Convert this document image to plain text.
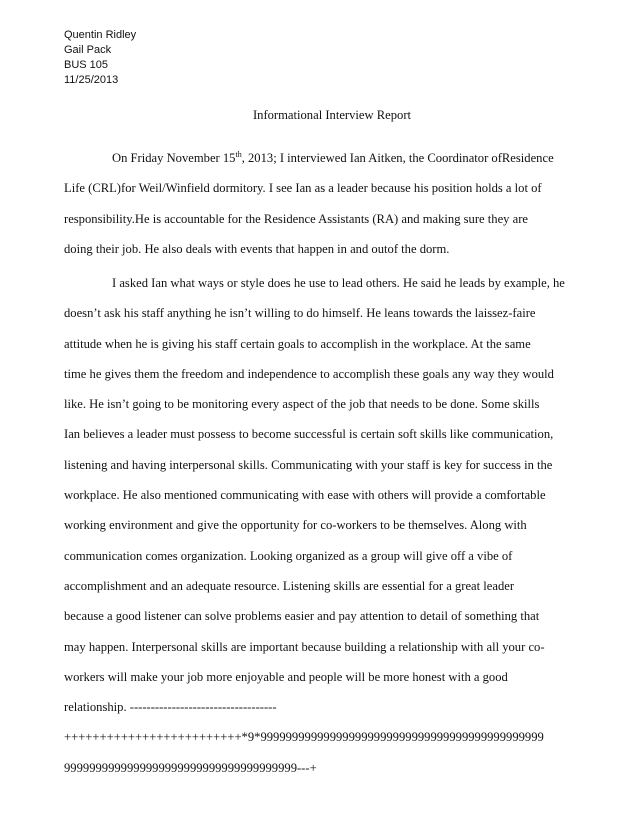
Quentin Ridley
Gail Pack
BUS 105
11/25/2013
Informational Interview Report

On Friday November 15th, 2013; I interviewed Ian Aitken, the Coordinator ofResidence
Life (CRL)for Weil/Winfield dormitory. I see Ian as a leader because his position holds a lot of
responsibility.He is accountable for the Residence Assistants (RA) and making sure they are
doing their job. He also deals with events that happen in and outof the dorm.

I asked Ian what ways or style does he use to lead others. He said he leads by example, he
doesn’t ask his staff anything he isn’t willing to do himself. He leans towards the laissez-faire
attitude when he is giving his staff certain goals to accomplish in the workplace. At the same
time he gives them the freedom and independence to accomplish these goals any way they would
like. He isn’t going to be monitoring every aspect of the job that needs to be done. Some skills
Ian believes a leader must possess to become successful is certain soft skills like communication,
listening and having interpersonal skills. Communicating with your staff is key for success in the
workplace. He also mentioned communicating with ease with others will provide a comfortable
working environment and give the opportunity for co-workers to be themselves. Along with
communication comes organization. Looking organized as a group will give off a vibe of
accomplishment and an adequate resource. Listening skills are essential for a great leader
because a good listener can solve problems easier and pay attention to detail of something that
may happen. Interpersonal skills are important because building a relationship with all your co-
workers will make your job more enjoyable and people will be more honest with a good
relationship. -----------------------------------
+++++++++++++++++++++++++*9*999999999999999999999999999999999999999999999
9999999999999999999999999999999999999---+
